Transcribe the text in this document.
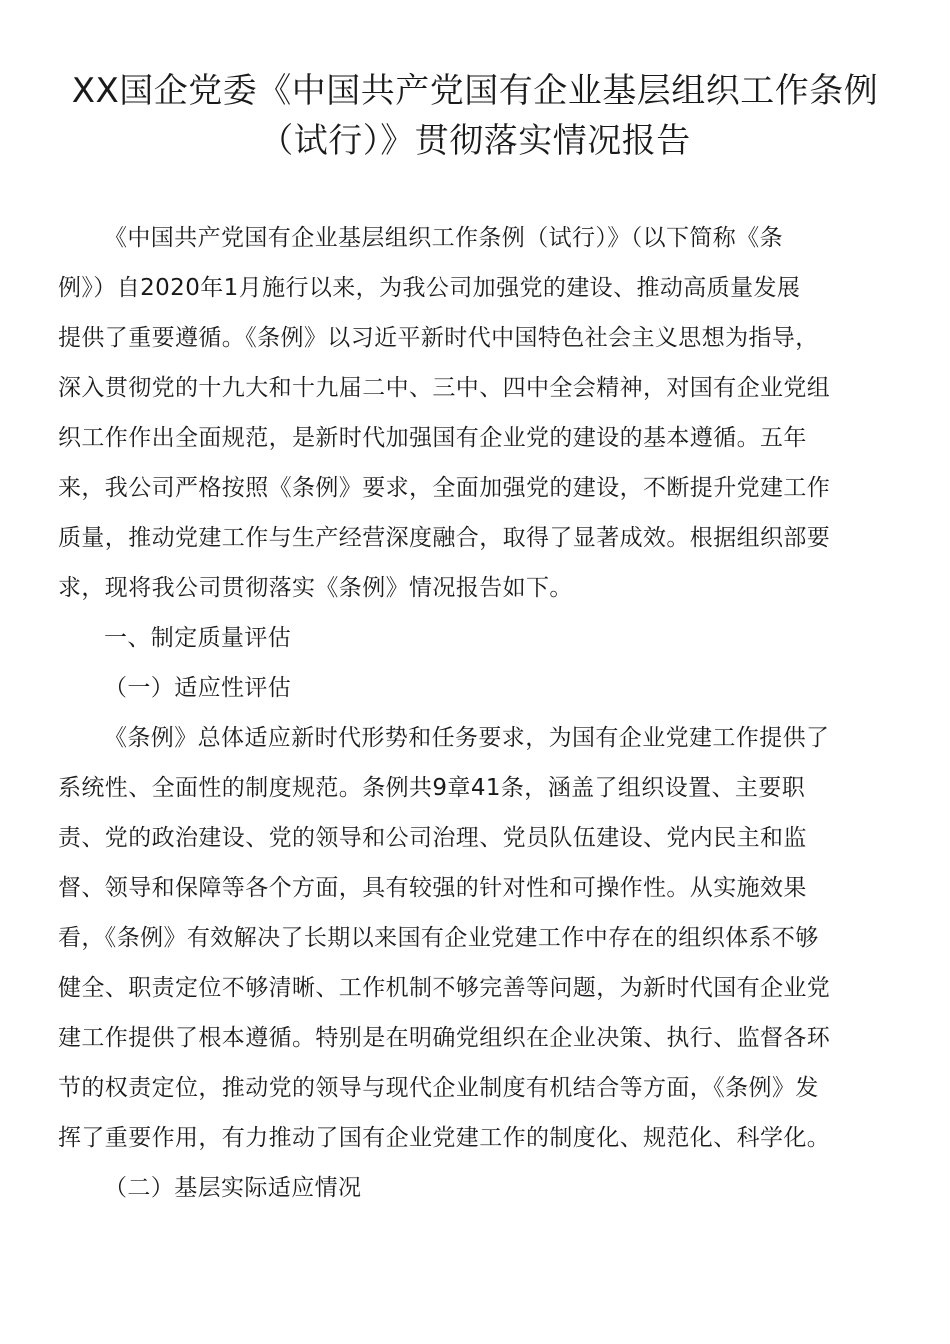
XX国企党委《中国共产党国有企业基层组织工作条例
（试行）》贯彻落实情况报告

《中国共产党国有企业基层组织工作条例（试行）》（以下简称《条
例》）自2020年1月施行以来，为我公司加强党的建设、推动高质量发展
提供了重要遵循。《条例》以习近平新时代中国特色社会主义思想为指导，
深入贯彻党的十九大和十九届二中、三中、四中全会精神，对国有企业党组
织工作作出全面规范，是新时代加强国有企业党的建设的基本遵循。五年
来，我公司严格按照《条例》要求，全面加强党的建设，不断提升党建工作
质量，推动党建工作与生产经营深度融合，取得了显著成效。根据组织部要
求，现将我公司贯彻落实《条例》情况报告如下。

一、制定质量评估

（一）适应性评估

《条例》总体适应新时代形势和任务要求，为国有企业党建工作提供了
系统性、全面性的制度规范。条例共9章41条，涵盖了组织设置、主要职
责、党的政治建设、党的领导和公司治理、党员队伍建设、党内民主和监
督、领导和保障等各个方面，具有较强的针对性和可操作性。从实施效果
看，《条例》有效解决了长期以来国有企业党建工作中存在的组织体系不够
健全、职责定位不够清晰、工作机制不够完善等问题，为新时代国有企业党
建工作提供了根本遵循。特别是在明确党组织在企业决策、执行、监督各环
节的权责定位，推动党的领导与现代企业制度有机结合等方面，《条例》发
挥了重要作用，有力推动了国有企业党建工作的制度化、规范化、科学化。

（二）基层实际适应情况
